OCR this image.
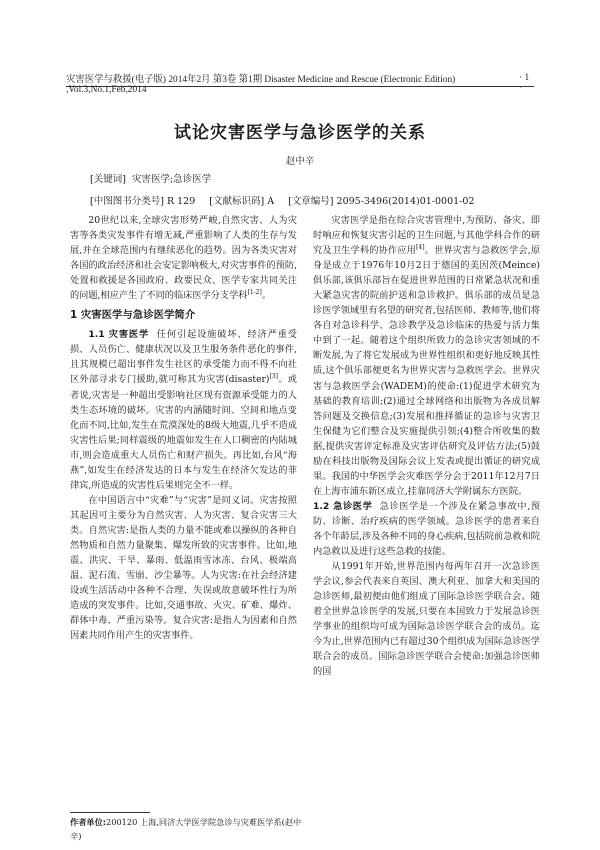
灾害医学与救援(电子版) 2014年2月 第3卷 第1期 Disaster Medicine and Rescue (Electronic Edition) ,Vol.3,No.1,Feb,2014
· 1 ·
试论灾害医学与急诊医学的关系
赵中辛
[关键词] 灾害医学;急诊医学
[中图图书分类号] R 129 [文献标识码] A [文章编号] 2095-3496(2014)01-0001-02

20世纪以来,全球灾害形势严峻,自然灾害、人为灾害等各类灾发事件有增无减,严重影响了人类的生存与发展,并在全球范围内有继续恶化的趋势。因为各类灾害对各国的政治经济和社会安定影响极大,对灾害事件的预防,处置和救援是各国政府、政要民众、医学专家共同关注的问题,相应产生了不同的临床医学分支学科[1-2]。

1 灾害医学与急诊医学简介

1.1 灾害医学 任何引起设施破坏、经济严重受损、人员伤亡、健康状况以及卫生服务条件恶化的事件,且其规模已超出事件发生社区的承受能力而不得不向社区外部寻求专门援助,就可称其为灾害(disaster)[3]。或者说,灾害是一种超出受影响社区现有资源承受能力的人类生态环境的破坏。灾害的内涵随时间、空间和地点变化而不同,比如,发生在荒漠深处的8级大地震,几乎不造成灾害性后果;同样震级的地震如发生在人口稠密的内陆城市,则会造成重大人员伤亡和财产损失。再比如,台风“海燕”,如发生在经济发达的日本与发生在经济欠发达的菲律宾,所造成的灾害性后果则完全不一样。

在中国语言中“灾难”与“灾害”是同义词。灾害按照其起因可主要分为自然灾害、人为灾害、复合灾害三大类。自然灾害:是指人类的力量不能或难以操纵的各种自然物质和自然力量聚集、爆发所致的灾害事件。比如,地震、洪灾、干旱、暴雨、低温雨雪冰冻、台风、极端高温、泥石流、雪崩、沙尘暴等。人为灾害:在社会经济建设或生活活动中各种不合理、失误或故意破坏性行为所造成的突发事件。比如,交通事故、火灾、矿难、爆炸、群体中毒、严重污染等。复合灾害:是指人为因素和自然因素共同作用产生的灾害事件。

灾害医学是指在综合灾害管理中,为预防、备灾、即时响应和恢复灾害引起的卫生问题,与其他学科合作的研究及卫生学科的协作应用[4]。世界灾害与急救医学会,原身是成立于1976年10月2日于德国的美因茨(Meince)俱乐部,该俱乐部旨在促进世界范围的日常紧急状况和重大紧急灾害的院前护送和急诊救护。俱乐部的成员是急诊医学领域里有名望的研究者,包括医师、教师等,他们将各自对急诊科学、急诊教学及急诊临床的热爱与活力集中到了一起。随着这个组织所致力的急诊灾害领域的不断发展,为了将它发展成为世界性组织和更好地反映其性质,这个俱乐部便更名为世界灾害与急救医学会。世界灾害与急救医学会(WADEM)的使命:(1)促进学术研究为基础的教育培训;(2)通过全球网络和出版物为各成员解答问题及交换信息;(3)发展和推择循证的急诊与灾害卫生保健为它们整合及实施提供引领;(4)整合所收集的数据,提供灾害评定标准及灾害评估研究及评估方法;(5)鼓励在科技出版物及国际会议上发表或提出循证的研究成果。我国的中华医学会灾难医学分会于2011年12月7日在上海市浦东新区成立,挂靠同济大学附属东方医院。

1.2 急诊医学 急诊医学是一个涉及在紧急事故中,预防、诊断、治疗疾病的医学领域。急诊医学的患者来自各个年龄层,涉及各种不同的身心疾病,包括院前急救和院内急救以及进行这些急救的技能。

从1991年开始,世界范围内每两年召开一次急诊医学会议,参会代表来自英国、澳大利亚、加拿大和美国的急诊医师,最初便由他们组成了国际急诊医学联合会。随着全世界急诊医学的发展,只要在本国致力于发展急诊医学事业的组织均可成为国际急诊医学联合会的成员。迄今为止,世界范围内已有超过30个组织成为国际急诊医学联合会的成员。国际急诊医学联合会使命:加强急诊医师的国

作者单位:200120 上海,同济大学医学院急诊与灾难医学系(赵中辛)
